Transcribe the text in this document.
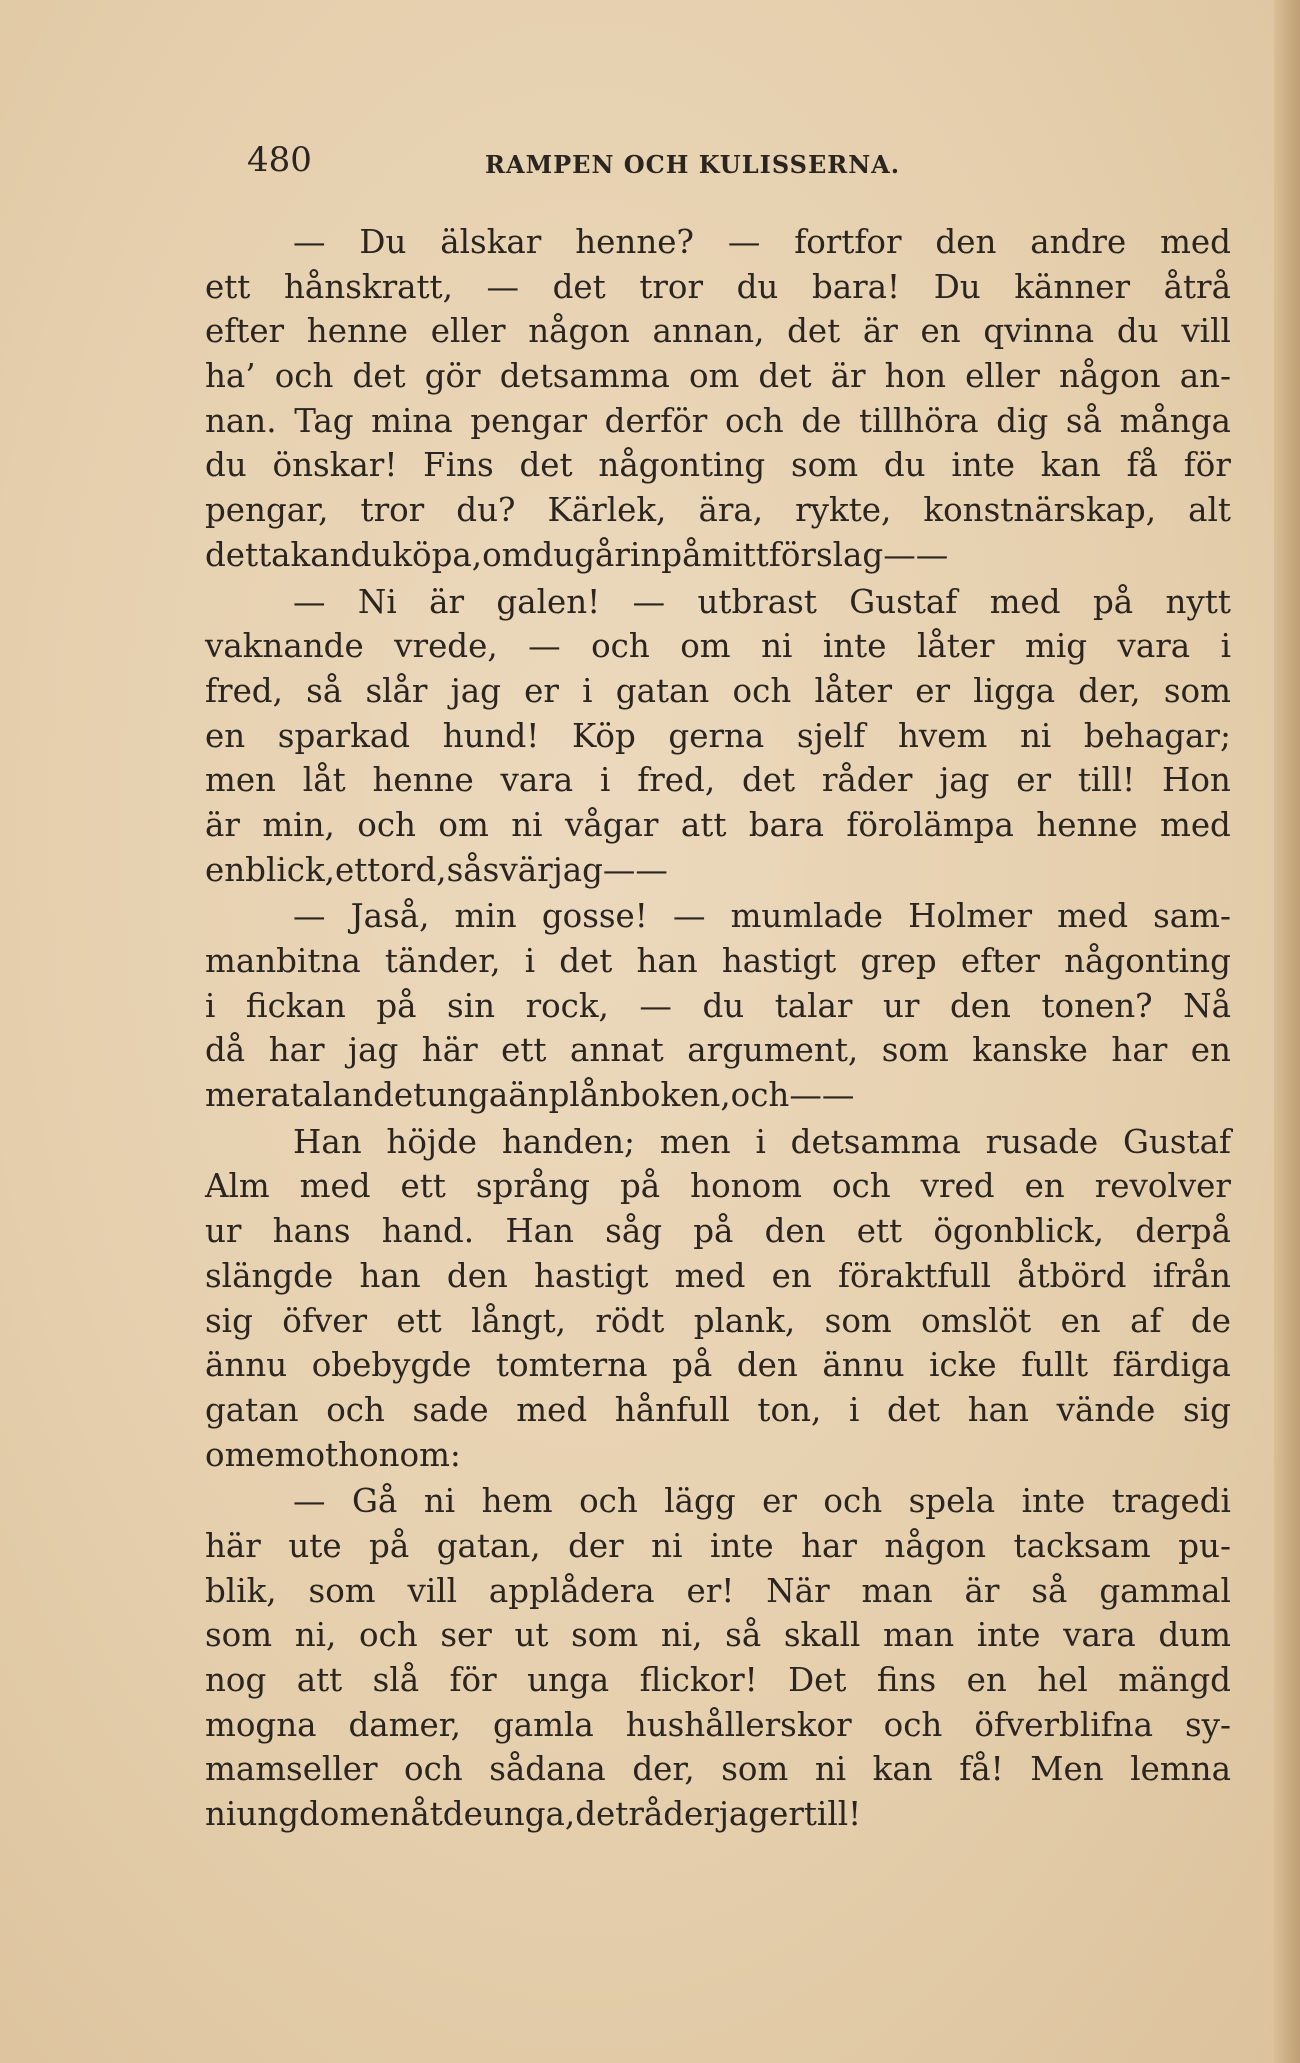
480	RAMPEN OCH KULISSERNA.
— Du älskar henne? — fortfor den andre med
ett hånskratt, — det tror du bara! Du känner åtrå
efter henne eller någon annan, det är en qvinna du vill
ha’ och det gör detsamma om det är hon eller någon an-
nan. Tag mina pengar derför och de tillhöra dig så många
du önskar! Fins det någonting som du inte kan få för
pengar, tror du? Kärlek, ära, rykte, konstnärskap, alt
detta kan du köpa, om du går in på mitt förslag — —
— Ni är galen! — utbrast Gustaf med på nytt
vaknande vrede, — och om ni inte låter mig vara i
fred, så slår jag er i gatan och låter er ligga der, som
en sparkad hund! Köp gerna sjelf hvem ni behagar;
men låt henne vara i fred, det råder jag er till! Hon
är min, och om ni vågar att bara förolämpa henne med
en blick, ett ord, så svär jag — —
— Jaså, min gosse! — mumlade Holmer med sam-
manbitna tänder, i det han hastigt grep efter någonting
i fickan på sin rock, — du talar ur den tonen? Nå
då har jag här ett annat argument, som kanske har en
mera talande tunga än plånboken, och — —
Han höjde handen; men i detsamma rusade Gustaf
Alm med ett språng på honom och vred en revolver
ur hans hand. Han såg på den ett ögonblick, derpå
slängde han den hastigt med en föraktfull åtbörd ifrån
sig öfver ett långt, rödt plank, som omslöt en af de
ännu obebygde tomterna på den ännu icke fullt färdiga
gatan och sade med hånfull ton, i det han vände sig
om emot honom:
— Gå ni hem och lägg er och spela inte tragedi
här ute på gatan, der ni inte har någon tacksam pu-
blik, som vill applådera er! När man är så gammal
som ni, och ser ut som ni, så skall man inte vara dum
nog att slå för unga flickor! Det fins en hel mängd
mogna damer, gamla hushållerskor och öfverblifna sy-
mamseller och sådana der, som ni kan få! Men lemna
ni ungdomen åt de unga, det råder jag er till!
